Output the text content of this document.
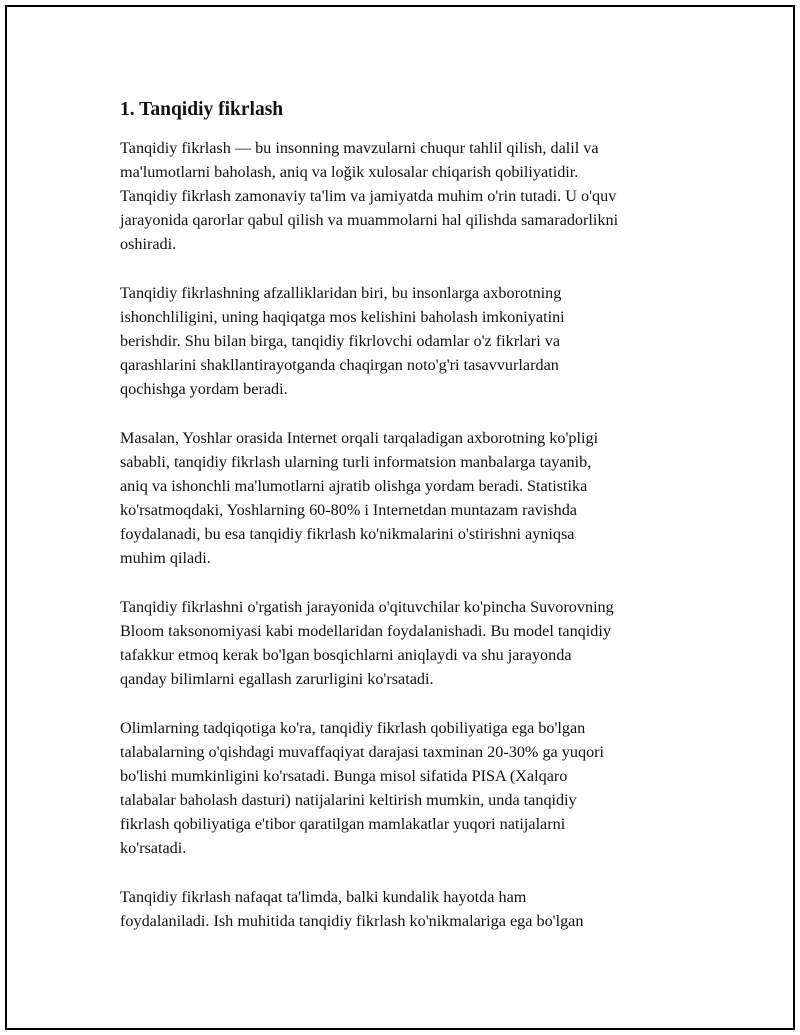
1. Tanqidiy fikrlash

Tanqidiy fikrlash — bu insonning mavzularni chuqur tahlil qilish, dalil va
ma'lumotlarni baholash, aniq va loğik xulosalar chiqarish qobiliyatidir.
Tanqidiy fikrlash zamonaviy ta'lim va jamiyatda muhim o'rin tutadi. U o'quv
jarayonida qarorlar qabul qilish va muammolarni hal qilishda samaradorlikni
oshiradi.

Tanqidiy fikrlashning afzalliklaridan biri, bu insonlarga axborotning
ishonchliligini, uning haqiqatga mos kelishini baholash imkoniyatini
berishdir. Shu bilan birga, tanqidiy fikrlovchi odamlar o'z fikrlari va
qarashlarini shakllantirayotganda chaqirgan noto'g'ri tasavvurlardan
qochishga yordam beradi.

Masalan, Yoshlar orasida Internet orqali tarqaladigan axborotning ko'pligi
sababli, tanqidiy fikrlash ularning turli informatsion manbalarga tayanib,
aniq va ishonchli ma'lumotlarni ajratib olishga yordam beradi. Statistika
ko'rsatmoqdaki, Yoshlarning 60-80% i Internetdan muntazam ravishda
foydalanadi, bu esa tanqidiy fikrlash ko'nikmalarini o'stirishni ayniqsa
muhim qiladi.

Tanqidiy fikrlashni o'rgatish jarayonida o'qituvchilar ko'pincha Suvorovning
Bloom taksonomiyasi kabi modellaridan foydalanishadi. Bu model tanqidiy
tafakkur etmoq kerak bo'lgan bosqichlarni aniqlaydi va shu jarayonda
qanday bilimlarni egallash zarurligini ko'rsatadi.

Olimlarning tadqiqotiga ko'ra, tanqidiy fikrlash qobiliyatiga ega bo'lgan
talabalarning o'qishdagi muvaffaqiyat darajasi taxminan 20-30% ga yuqori
bo'lishi mumkinligini ko'rsatadi. Bunga misol sifatida PISA (Xalqaro
talabalar baholash dasturi) natijalarini keltirish mumkin, unda tanqidiy
fikrlash qobiliyatiga e'tibor qaratilgan mamlakatlar yuqori natijalarni
ko'rsatadi.

Tanqidiy fikrlash nafaqat ta'limda, balki kundalik hayotda ham
foydalaniladi. Ish muhitida tanqidiy fikrlash ko'nikmalariga ega bo'lgan
